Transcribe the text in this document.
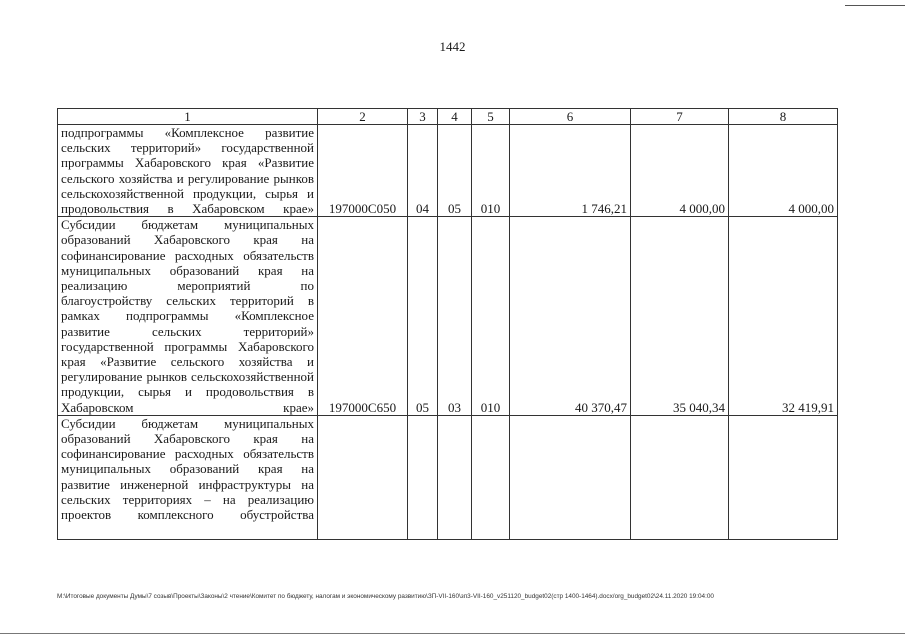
1442
1	2	3	4	5	6	7	8
подпрограммы «Комплексное развитие сельских территорий» государственной программы Хабаровского края «Развитие сельского хозяйства и регулирование рынков сельскохозяйственной продукции, сырья и продовольствия в Хабаровском крае»	197000C050	04	05	010	1 746,21	4 000,00	4 000,00
Субсидии бюджетам муниципальных образований Хабаровского края на софинансирование расходных обязательств муниципальных образований края на реализацию мероприятий по благоустройству сельских территорий в рамках подпрограммы «Комплексное развитие сельских территорий» государственной программы Хабаровского края «Развитие сельского хозяйства и регулирование рынков сельскохозяйственной продукции, сырья и продовольствия в Хабаровском крае»	197000C650	05	03	010	40 370,47	35 040,34	32 419,91
Субсидии бюджетам муниципальных образований Хабаровского края на софинансирование расходных обязательств муниципальных образований края на развитие инженерной инфраструктуры на сельских территориях – на реализацию проектов комплексного обустройства							
M:\Итоговые документы Думы\7 созыв\Проекты\Законы\2 чтение\Комитет по бюджету, налогам и экономическому развитию\ЗП-VII-160\зп3-VII-160_v251120_budget02(стр 1400-1464).docx/org_budget02\24.11.2020 19:04:00
